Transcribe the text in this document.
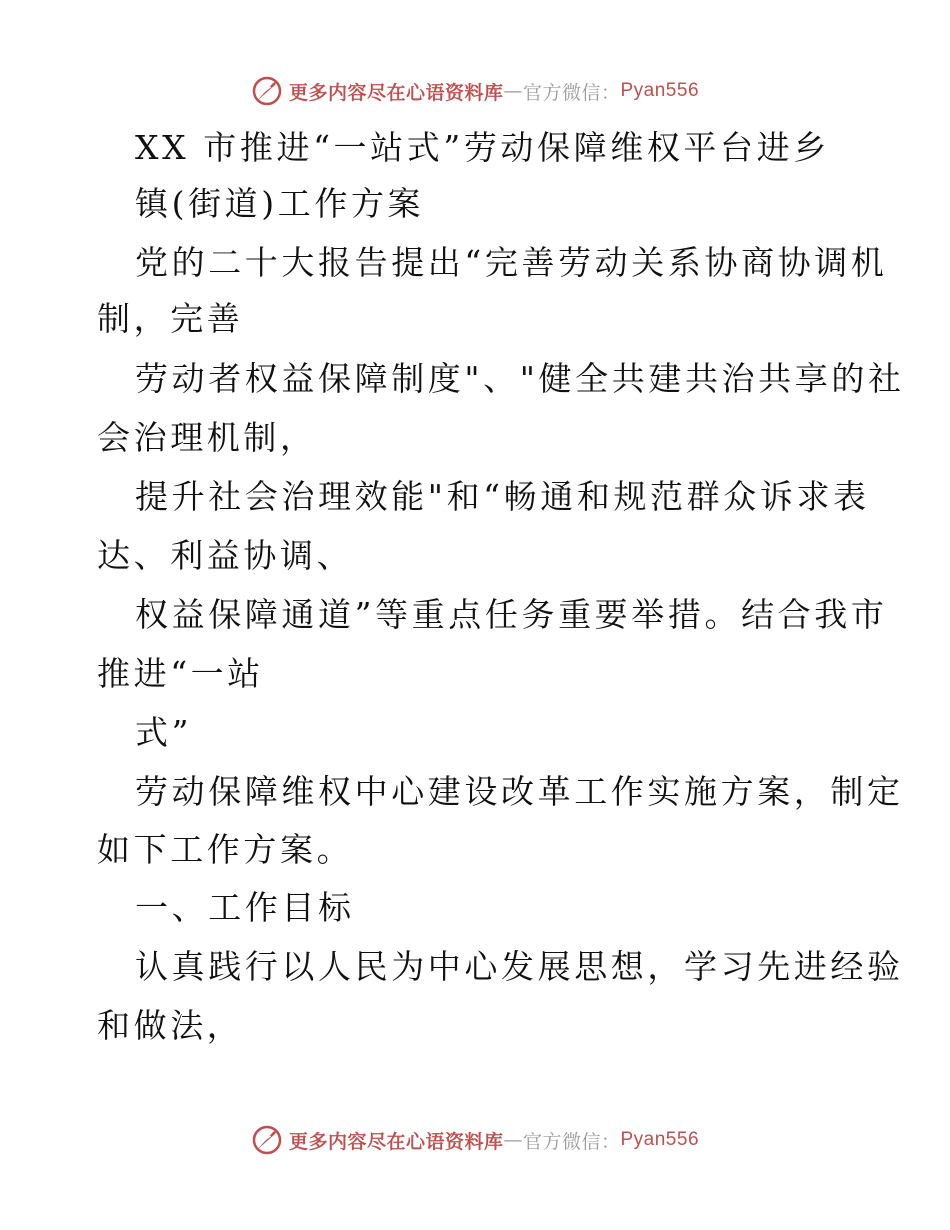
更多内容尽在心语资料库 — 官方微信： Pyan556
XX 市推进“一站式”劳动保障维权平台进乡
镇(街道)工作方案
党的二十大报告提出“完善劳动关系协商协调机
制，完善
劳动者权益保障制度"、"健全共建共治共享的社
会治理机制，
提升社会治理效能"和“畅通和规范群众诉求表
达、利益协调、
权益保障通道”等重点任务重要举措。结合我市
推进“一站
式”
劳动保障维权中心建设改革工作实施方案，制定
如下工作方案。
一、工作目标
认真践行以人民为中心发展思想，学习先进经验
和做法，
更多内容尽在心语资料库 — 官方微信： Pyan556
